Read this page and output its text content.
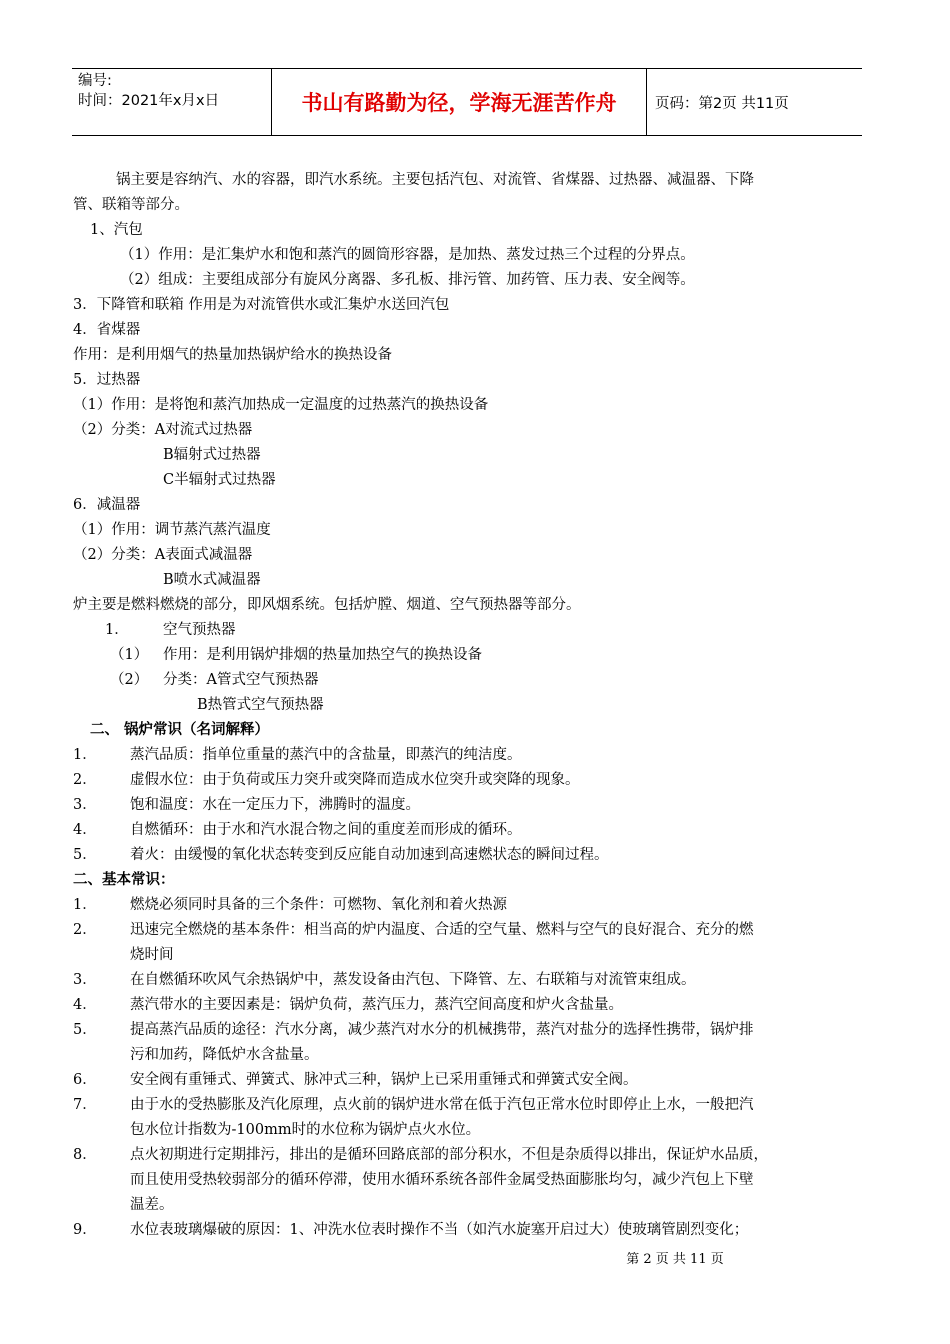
编号:
时间：2021年x月x日	书山有路勤为径，学海无涯苦作舟	页码：第2页 共11页
锅主要是容纳汽、水的容器，即汽水系统。主要包括汽包、对流管、省煤器、过热器、减温器、下降
管、联箱等部分。
1、汽包
（1）作用：是汇集炉水和饱和蒸汽的圆筒形容器，是加热、蒸发过热三个过程的分界点。
（2）组成：主要组成部分有旋风分离器、多孔板、排污管、加药管、压力表、安全阀等。
3．下降管和联箱 作用是为对流管供水或汇集炉水送回汽包
4．省煤器
作用：是利用烟气的热量加热锅炉给水的换热设备
5．过热器
（1）作用：是将饱和蒸汽加热成一定温度的过热蒸汽的换热设备
（2）分类：A对流式过热器
B辐射式过热器
C半辐射式过热器
6．减温器
（1）作用：调节蒸汽蒸汽温度
（2）分类：A表面式减温器
B喷水式减温器
炉主要是燃料燃烧的部分，即风烟系统。包括炉膛、烟道、空气预热器等部分。
1． 空气预热器
（1） 作用：是利用锅炉排烟的热量加热空气的换热设备
（2） 分类：A管式空气预热器
B热管式空气预热器
二、 锅炉常识（名词解释）
1． 蒸汽品质：指单位重量的蒸汽中的含盐量，即蒸汽的纯洁度。
2． 虚假水位：由于负荷或压力突升或突降而造成水位突升或突降的现象。
3． 饱和温度：水在一定压力下，沸腾时的温度。
4． 自燃循环：由于水和汽水混合物之间的重度差而形成的循环。
5． 着火：由缓慢的氧化状态转变到反应能自动加速到高速燃状态的瞬间过程。
二、基本常识：
1． 燃烧必须同时具备的三个条件：可燃物、氧化剂和着火热源
2． 迅速完全燃烧的基本条件：相当高的炉内温度、合适的空气量、燃料与空气的良好混合、充分的燃
烧时间
3． 在自燃循环吹风气余热锅炉中，蒸发设备由汽包、下降管、左、右联箱与对流管束组成。
4． 蒸汽带水的主要因素是：锅炉负荷，蒸汽压力，蒸汽空间高度和炉火含盐量。
5． 提高蒸汽品质的途径：汽水分离，减少蒸汽对水分的机械携带，蒸汽对盐分的选择性携带，锅炉排
污和加药，降低炉水含盐量。
6． 安全阀有重锤式、弹簧式、脉冲式三种，锅炉上已采用重锤式和弹簧式安全阀。
7． 由于水的受热膨胀及汽化原理，点火前的锅炉进水常在低于汽包正常水位时即停止上水，一般把汽
包水位计指数为-100mm时的水位称为锅炉点火水位。
8． 点火初期进行定期排污，排出的是循环回路底部的部分积水，不但是杂质得以排出，保证炉水品质，
而且使用受热较弱部分的循环停滞，使用水循环系统各部件金属受热面膨胀均匀，减少汽包上下壁
温差。
9． 水位表玻璃爆破的原因：1、冲洗水位表时操作不当（如汽水旋塞开启过大）使玻璃管剧烈变化；
第 2 页 共 11 页
